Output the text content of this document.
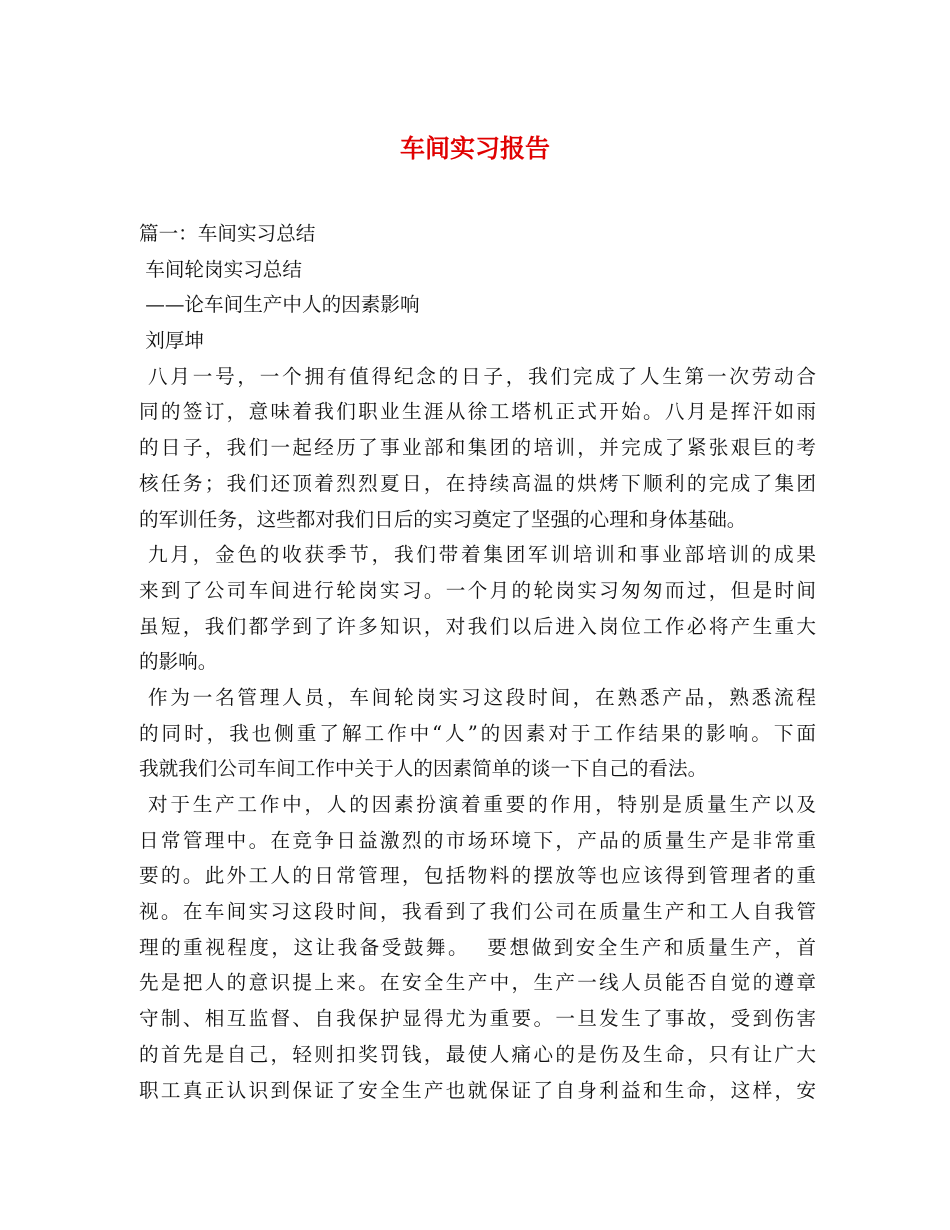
车间实习报告
篇一：车间实习总结
车间轮岗实习总结
——论车间生产中人的因素影响
刘厚坤
八月一号，一个拥有值得纪念的日子，我们完成了人生第一次劳动合
同的签订，意味着我们职业生涯从徐工塔机正式开始。八月是挥汗如雨
的日子，我们一起经历了事业部和集团的培训，并完成了紧张艰巨的考
核任务；我们还顶着烈烈夏日，在持续高温的烘烤下顺利的完成了集团
的军训任务，这些都对我们日后的实习奠定了坚强的心理和身体基础。
九月，金色的收获季节，我们带着集团军训培训和事业部培训的成果
来到了公司车间进行轮岗实习。一个月的轮岗实习匆匆而过，但是时间
虽短，我们都学到了许多知识，对我们以后进入岗位工作必将产生重大
的影响。
作为一名管理人员，车间轮岗实习这段时间，在熟悉产品，熟悉流程
的同时，我也侧重了解工作中“人”的因素对于工作结果的影响。下面
我就我们公司车间工作中关于人的因素简单的谈一下自己的看法。
对于生产工作中，人的因素扮演着重要的作用，特别是质量生产以及
日常管理中。在竞争日益激烈的市场环境下，产品的质量生产是非常重
要的。此外工人的日常管理，包括物料的摆放等也应该得到管理者的重
视。在车间实习这段时间，我看到了我们公司在质量生产和工人自我管
理的重视程度，这让我备受鼓舞。  要想做到安全生产和质量生产，首
先是把人的意识提上来。在安全生产中，生产一线人员能否自觉的遵章
守制、相互监督、自我保护显得尤为重要。一旦发生了事故，受到伤害
的首先是自己，轻则扣奖罚钱，最使人痛心的是伤及生命，只有让广大
职工真正认识到保证了安全生产也就保证了自身利益和生命，这样，安
